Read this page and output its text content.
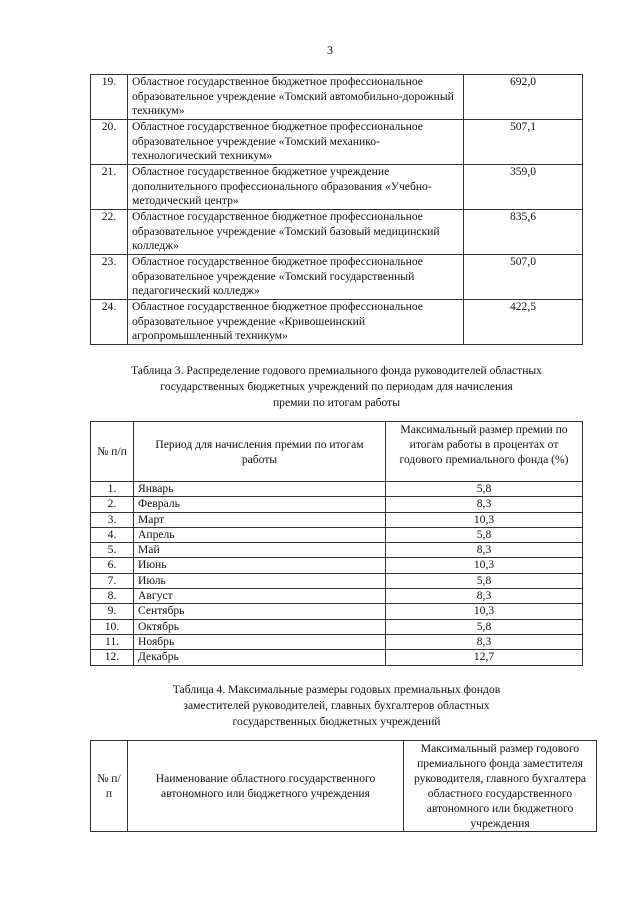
3
19.	Областное государственное бюджетное профессиональное образовательное учреждение «Томский автомобильно-дорожный техникум»	692,0
20.	Областное государственное бюджетное профессиональное образовательное учреждение «Томский механико-технологический техникум»	507,1
21.	Областное государственное бюджетное учреждение дополнительного профессионального образования «Учебно-методический центр»	359,0
22.	Областное государственное бюджетное профессиональное образовательное учреждение «Томский базовый медицинский колледж»	835,6
23.	Областное государственное бюджетное профессиональное образовательное учреждение «Томский государственный педагогический колледж»	507,0
24.	Областное государственное бюджетное профессиональное образовательное учреждение «Кривошеинский агропромышленный техникум»	422,5
Таблица 3. Распределение годового премиального фонда руководителей областных
государственных бюджетных учреждений по периодам для начисления
премии по итогам работы
№ п/п	Период для начисления премии по итогам работы	Максимальный размер премии по итогам работы в процентах от годового премиального фонда (%)
1.	Январь	5,8
2.	Февраль	8,3
3.	Март	10,3
4.	Апрель	5,8
5.	Май	8,3
6.	Июнь	10,3
7.	Июль	5,8
8.	Август	8,3
9.	Сентябрь	10,3
10.	Октябрь	5,8
11.	Ноябрь	8,3
12.	Декабрь	12,7
Таблица 4. Максимальные размеры годовых премиальных фондов
заместителей руководителей, главных бухгалтеров областных
государственных бюджетных учреждений
№ п/п	Наименование областного государственного автономного или бюджетного учреждения	Максимальный размер годового премиального фонда заместителя руководителя, главного бухгалтера областного государственного автономного или бюджетного учреждения
